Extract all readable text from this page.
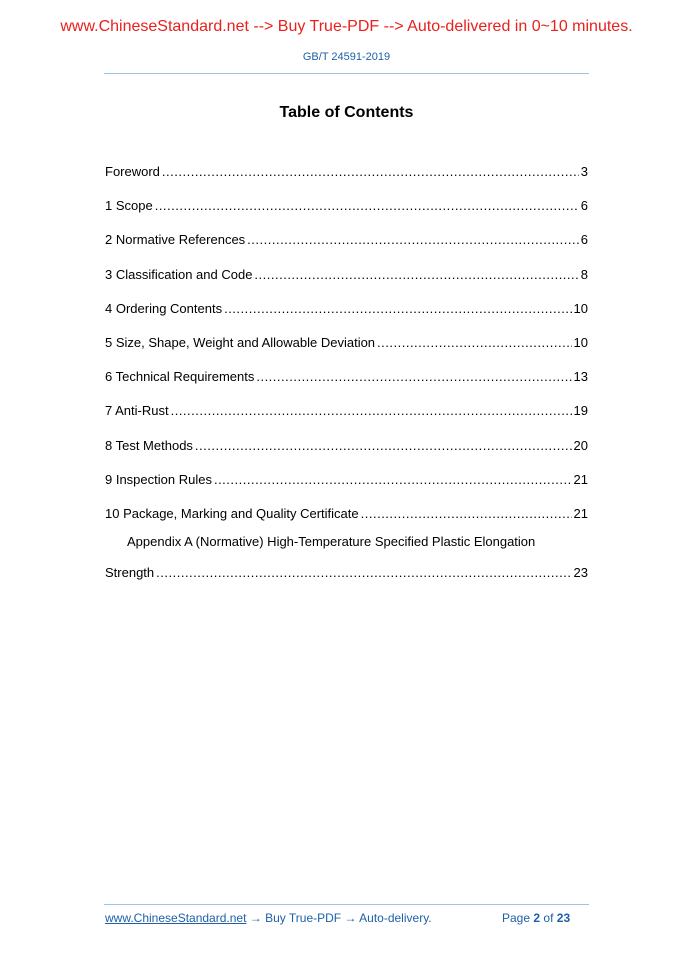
www.ChineseStandard.net --> Buy True-PDF --> Auto-delivered in 0~10 minutes.
GB/T 24591-2019
Table of Contents
Foreword .....	3
1 Scope .....	6
2 Normative References .....	6
3 Classification and Code .....	8
4 Ordering Contents .....	10
5 Size, Shape, Weight and Allowable Deviation .....	10
6 Technical Requirements .....	13
7 Anti-Rust .....	19
8 Test Methods .....	20
9 Inspection Rules .....	21
10 Package, Marking and Quality Certificate .....	21
Appendix A (Normative) High-Temperature Specified Plastic Elongation
Strength .....	23
www.ChineseStandard.net → Buy True-PDF → Auto-delivery.	Page 2 of 23
